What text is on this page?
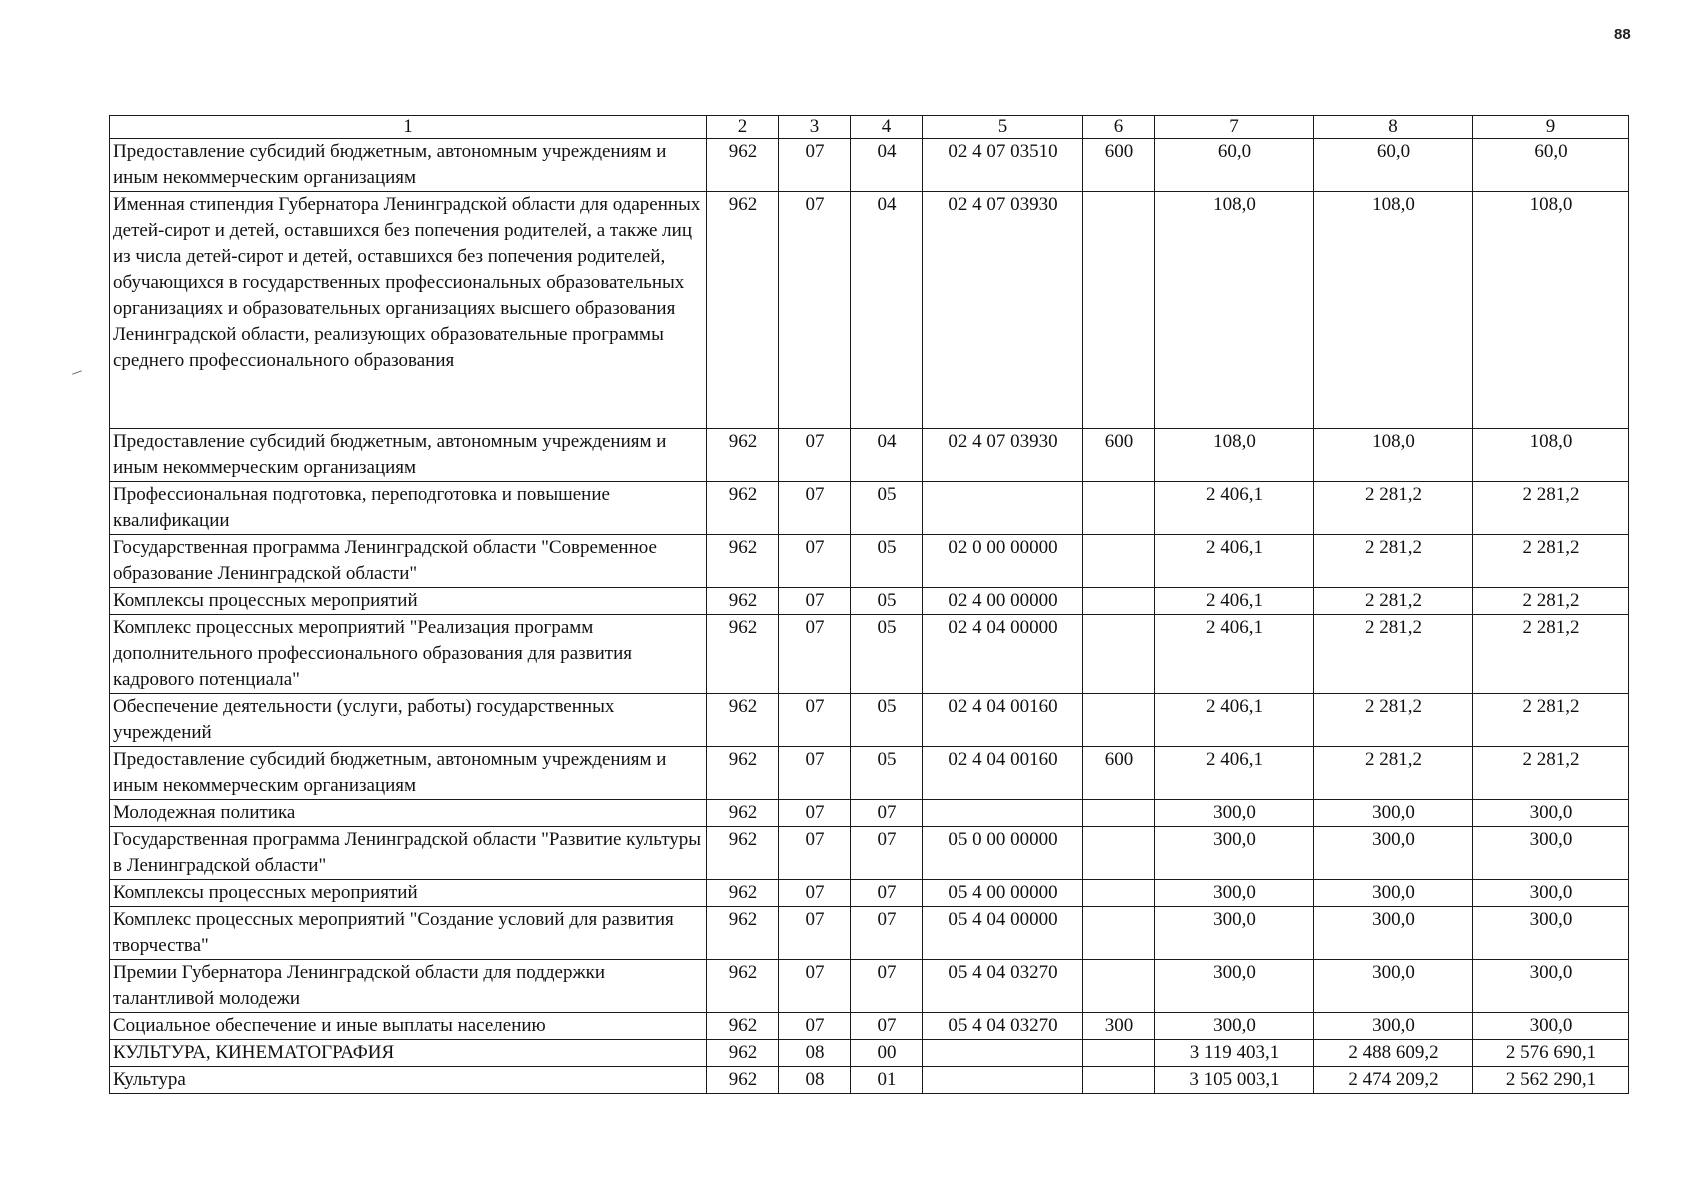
88
1	2	3	4	5	6	7	8	9
Предоставление субсидий бюджетным, автономным учреждениям и иным некоммерческим организациям	962	07	04	02 4 07 03510	600	60,0	60,0	60,0
Именная стипендия Губернатора Ленинградской области для одаренных детей-сирот и детей, оставшихся без попечения родителей, а также лиц из числа детей-сирот и детей, оставшихся без попечения родителей, обучающихся в государственных профессиональных образовательных организациях и образовательных организациях высшего образования Ленинградской области, реализующих образовательные программы среднего профессионального образования	962	07	04	02 4 07 03930		108,0	108,0	108,0
Предоставление субсидий бюджетным, автономным учреждениям и иным некоммерческим организациям	962	07	04	02 4 07 03930	600	108,0	108,0	108,0
Профессиональная подготовка, переподготовка и повышение квалификации	962	07	05			2 406,1	2 281,2	2 281,2
Государственная программа Ленинградской области "Современное образование Ленинградской области"	962	07	05	02 0 00 00000		2 406,1	2 281,2	2 281,2
Комплексы процессных мероприятий	962	07	05	02 4 00 00000		2 406,1	2 281,2	2 281,2
Комплекс процессных мероприятий "Реализация программ дополнительного профессионального образования для развития кадрового потенциала"	962	07	05	02 4 04 00000		2 406,1	2 281,2	2 281,2
Обеспечение деятельности (услуги, работы) государственных учреждений	962	07	05	02 4 04 00160		2 406,1	2 281,2	2 281,2
Предоставление субсидий бюджетным, автономным учреждениям и иным некоммерческим организациям	962	07	05	02 4 04 00160	600	2 406,1	2 281,2	2 281,2
Молодежная политика	962	07	07			300,0	300,0	300,0
Государственная программа Ленинградской области "Развитие культуры в Ленинградской области"	962	07	07	05 0 00 00000		300,0	300,0	300,0
Комплексы процессных мероприятий	962	07	07	05 4 00 00000		300,0	300,0	300,0
Комплекс процессных мероприятий "Создание условий для развития творчества"	962	07	07	05 4 04 00000		300,0	300,0	300,0
Премии Губернатора Ленинградской области для поддержки талантливой молодежи	962	07	07	05 4 04 03270		300,0	300,0	300,0
Социальное обеспечение и иные выплаты населению	962	07	07	05 4 04 03270	300	300,0	300,0	300,0
КУЛЬТУРА, КИНЕМАТОГРАФИЯ	962	08	00			3 119 403,1	2 488 609,2	2 576 690,1
Культура	962	08	01			3 105 003,1	2 474 209,2	2 562 290,1
